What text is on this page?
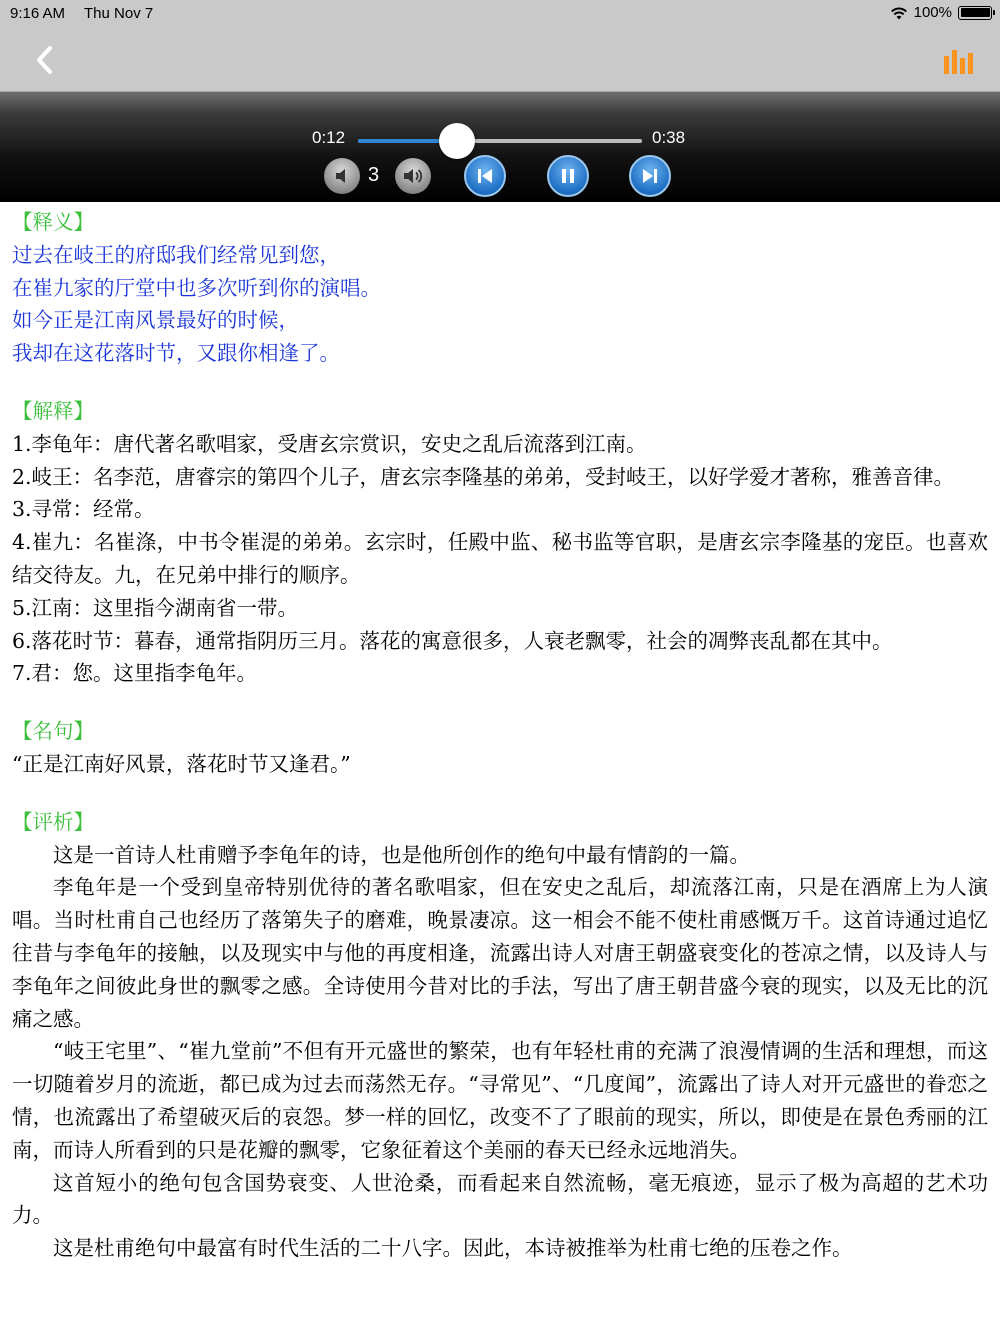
9:16 AM Thu Nov 7	100%
0:12	0:38
3
【释义】
过去在岐王的府邸我们经常见到您，
在崔九家的厅堂中也多次听到你的演唱。
如今正是江南风景最好的时候，
我却在这花落时节，又跟你相逢了。
【解释】
1.李龟年：唐代著名歌唱家，受唐玄宗赏识，安史之乱后流落到江南。
2.岐王：名李范，唐睿宗的第四个儿子，唐玄宗李隆基的弟弟，受封岐王，以好学爱才著称，雅善音律。
3.寻常：经常。
4.崔九：名崔涤，中书令崔湜的弟弟。玄宗时，任殿中监、秘书监等官职，是唐玄宗李隆基的宠臣。也喜欢结交待友。九，在兄弟中排行的顺序。
5.江南：这里指今湖南省一带。
6.落花时节：暮春，通常指阴历三月。落花的寓意很多，人衰老飘零，社会的凋弊丧乱都在其中。
7.君：您。这里指李龟年。
【名句】
“正是江南好风景，落花时节又逢君。”
【评析】
这是一首诗人杜甫赠予李龟年的诗，也是他所创作的绝句中最有情韵的一篇。
李龟年是一个受到皇帝特别优待的著名歌唱家，但在安史之乱后，却流落江南，只是在酒席上为人演唱。当时杜甫自己也经历了落第失子的磨难，晚景凄凉。这一相会不能不使杜甫感慨万千。这首诗通过追忆往昔与李龟年的接触，以及现实中与他的再度相逢，流露出诗人对唐王朝盛衰变化的苍凉之情，以及诗人与李龟年之间彼此身世的飘零之感。全诗使用今昔对比的手法，写出了唐王朝昔盛今衰的现实，以及无比的沉痛之感。
“岐王宅里”、“崔九堂前”不但有开元盛世的繁荣，也有年轻杜甫的充满了浪漫情调的生活和理想，而这一切随着岁月的流逝，都已成为过去而荡然无存。“寻常见”、“几度闻”，流露出了诗人对开元盛世的眷恋之情，也流露出了希望破灭后的哀怨。梦一样的回忆，改变不了了眼前的现实，所以，即使是在景色秀丽的江南，而诗人所看到的只是花瓣的飘零，它象征着这个美丽的春天已经永远地消失。
这首短小的绝句包含国势衰变、人世沧桑，而看起来自然流畅，毫无痕迹，显示了极为高超的艺术功力。
这是杜甫绝句中最富有时代生活的二十八字。因此，本诗被推举为杜甫七绝的压卷之作。
